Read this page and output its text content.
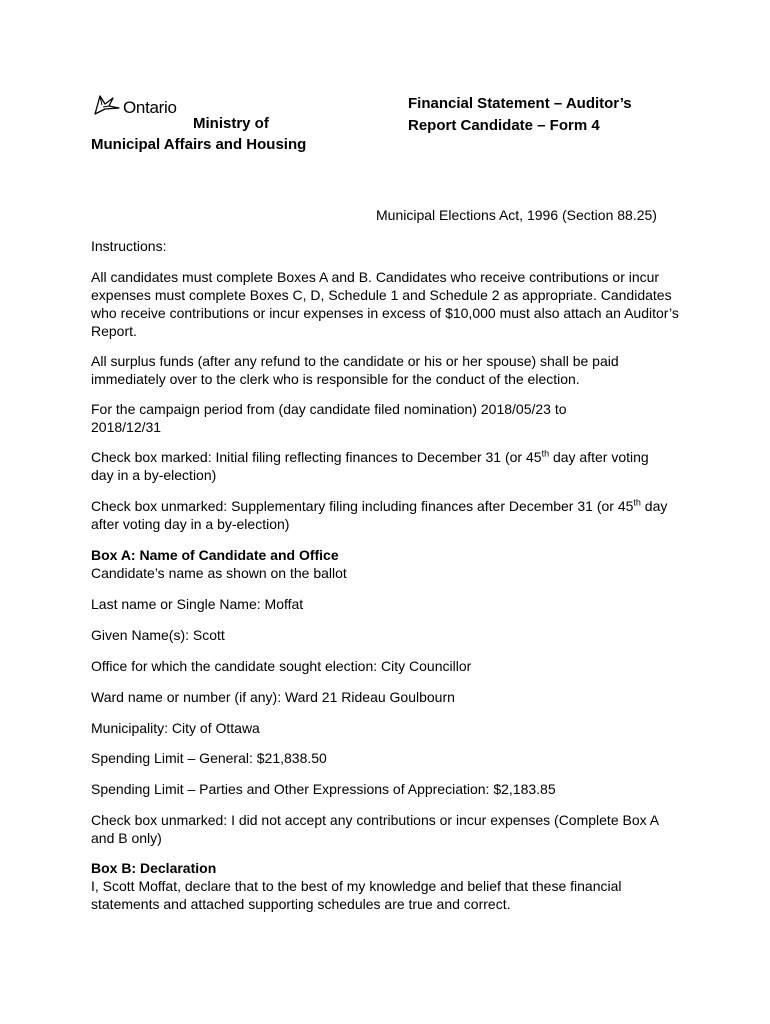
Ontario
Ministry of
Municipal Affairs and Housing
Financial Statement – Auditor’s
Report Candidate – Form 4
Municipal Elections Act, 1996 (Section 88.25)

Instructions:

All candidates must complete Boxes A and B. Candidates who receive contributions or incur expenses must complete Boxes C, D, Schedule 1 and Schedule 2 as appropriate. Candidates who receive contributions or incur expenses in excess of $10,000 must also attach an Auditor’s Report.

All surplus funds (after any refund to the candidate or his or her spouse) shall be paid immediately over to the clerk who is responsible for the conduct of the election.

For the campaign period from (day candidate filed nomination) 2018/05/23 to 2018/12/31

Check box marked: Initial filing reflecting finances to December 31 (or 45th day after voting day in a by-election)

Check box unmarked: Supplementary filing including finances after December 31 (or 45th day after voting day in a by-election)

Box A: Name of Candidate and Office

Candidate’s name as shown on the ballot

Last name or Single Name: Moffat

Given Name(s): Scott

Office for which the candidate sought election: City Councillor

Ward name or number (if any): Ward 21 Rideau Goulbourn

Municipality: City of Ottawa

Spending Limit – General: $21,838.50

Spending Limit – Parties and Other Expressions of Appreciation: $2,183.85

Check box unmarked: I did not accept any contributions or incur expenses (Complete Box A and B only)

Box B: Declaration

I, Scott Moffat, declare that to the best of my knowledge and belief that these financial statements and attached supporting schedules are true and correct.
